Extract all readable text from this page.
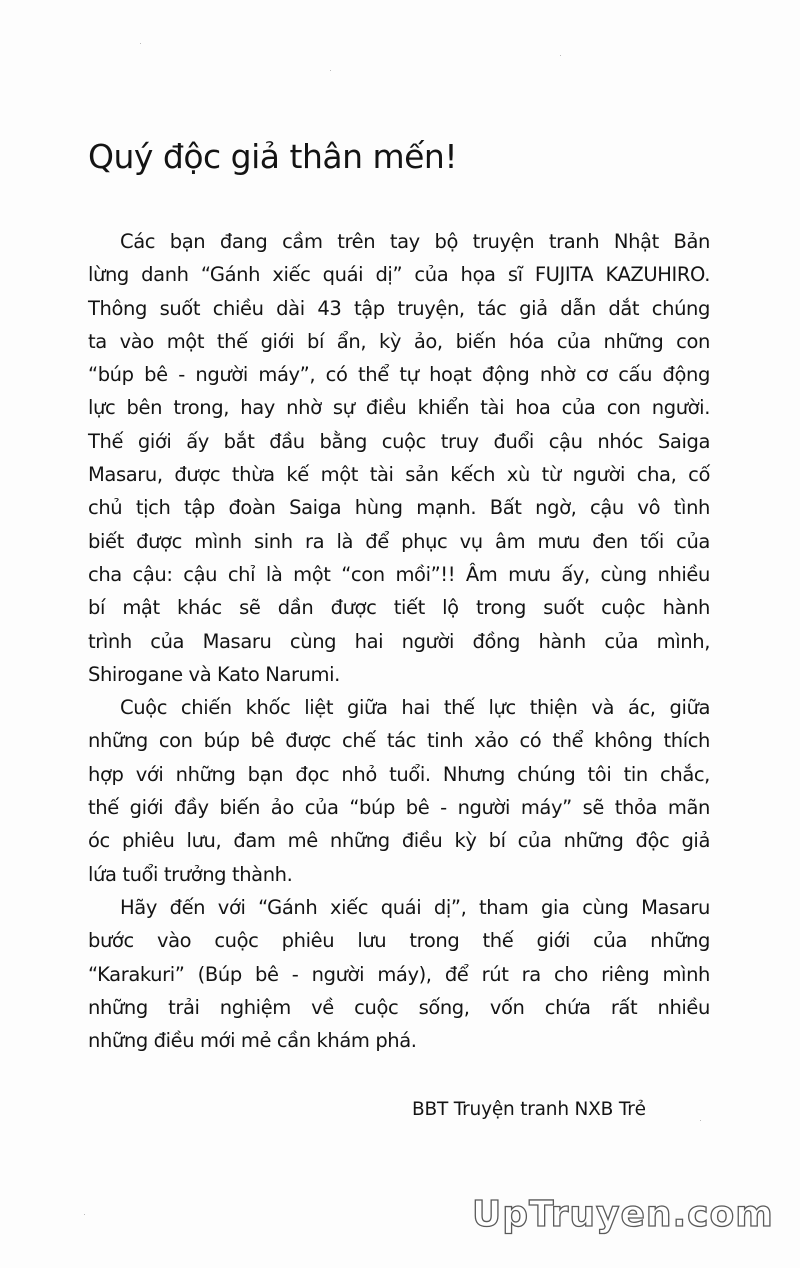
Quý độc giả thân mến!
Các bạn đang cầm trên tay bộ truyện tranh Nhật Bản
lừng danh “Gánh xiếc quái dị” của họa sĩ FUJITA KAZUHIRO.
Thông suốt chiều dài 43 tập truyện, tác giả dẫn dắt chúng
ta vào một thế giới bí ẩn, kỳ ảo, biến hóa của những con
“búp bê - người máy”, có thể tự hoạt động nhờ cơ cấu động
lực bên trong, hay nhờ sự điều khiển tài hoa của con người.
Thế giới ấy bắt đầu bằng cuộc truy đuổi cậu nhóc Saiga
Masaru, được thừa kế một tài sản kếch xù từ người cha, cố
chủ tịch tập đoàn Saiga hùng mạnh. Bất ngờ, cậu vô tình
biết được mình sinh ra là để phục vụ âm mưu đen tối của
cha cậu: cậu chỉ là một “con mồi”!! Âm mưu ấy, cùng nhiều
bí mật khác sẽ dần được tiết lộ trong suốt cuộc hành
trình của Masaru cùng hai người đồng hành của mình,
Shirogane và Kato Narumi.
Cuộc chiến khốc liệt giữa hai thế lực thiện và ác, giữa
những con búp bê được chế tác tinh xảo có thể không thích
hợp với những bạn đọc nhỏ tuổi. Nhưng chúng tôi tin chắc,
thế giới đầy biến ảo của “búp bê - người máy” sẽ thỏa mãn
óc phiêu lưu, đam mê những điều kỳ bí của những độc giả
lứa tuổi trưởng thành.
Hãy đến với “Gánh xiếc quái dị”, tham gia cùng Masaru
bước vào cuộc phiêu lưu trong thế giới của những
“Karakuri” (Búp bê - người máy), để rút ra cho riêng mình
những trải nghiệm về cuộc sống, vốn chứa rất nhiều
những điều mới mẻ cần khám phá.
BBT Truyện tranh NXB Trẻ
UpTruyen.com
